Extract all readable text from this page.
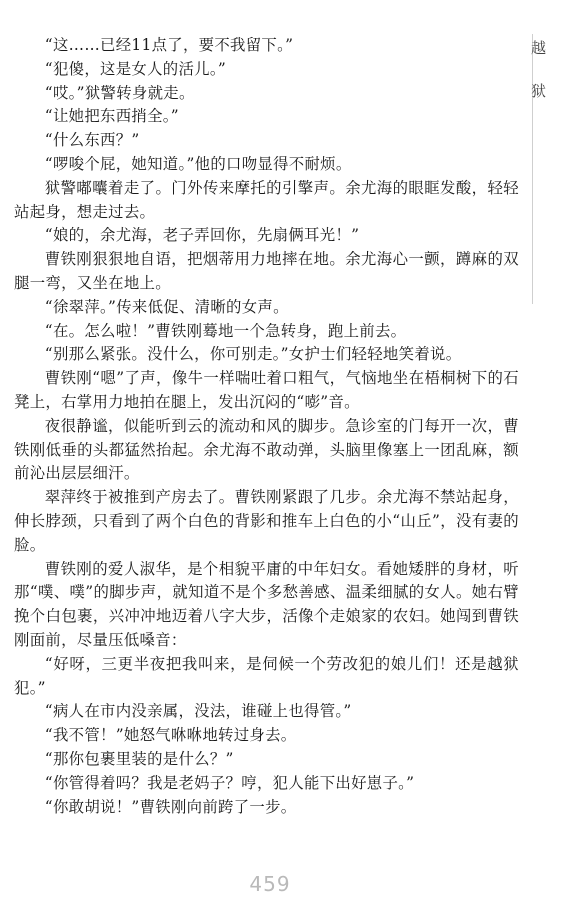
越狱

“这……已经11点了，要不我留下。”

“犯傻，这是女人的活儿。”

“哎。”狱警转身就走。

“让她把东西捎全。”

“什么东西？”

“啰唆个屁，她知道。”他的口吻显得不耐烦。

狱警嘟囔着走了。门外传来摩托的引擎声。余尤海的眼眶发酸，轻轻站起身，想走过去。

“娘的，余尤海，老子弄回你，先扇俩耳光！”

曹铁刚狠狠地自语，把烟蒂用力地摔在地。余尤海心一颤，蹲麻的双腿一弯，又坐在地上。

“徐翠萍。”传来低促、清晰的女声。

“在。怎么啦！”曹铁刚蓦地一个急转身，跑上前去。

“别那么紧张。没什么，你可别走。”女护士们轻轻地笑着说。

曹铁刚“嗯”了声，像牛一样喘吐着口粗气，气恼地坐在梧桐树下的石凳上，右掌用力地拍在腿上，发出沉闷的“嘭”音。

夜很静谧，似能听到云的流动和风的脚步。急诊室的门每开一次，曹铁刚低垂的头都猛然抬起。余尤海不敢动弹，头脑里像塞上一团乱麻，额前沁出层层细汗。

翠萍终于被推到产房去了。曹铁刚紧跟了几步。余尤海不禁站起身，伸长脖颈，只看到了两个白色的背影和推车上白色的小“山丘”，没有妻的脸。

曹铁刚的爱人淑华，是个相貌平庸的中年妇女。看她矮胖的身材，听那“噗、噗”的脚步声，就知道不是个多愁善感、温柔细腻的女人。她右臂挽个白包裹，兴冲冲地迈着八字大步，活像个走娘家的农妇。她闯到曹铁刚面前，尽量压低嗓音：

“好呀，三更半夜把我叫来，是伺候一个劳改犯的娘儿们！还是越狱犯。”

“病人在市内没亲属，没法，谁碰上也得管。”

“我不管！”她怒气咻咻地转过身去。

“那你包裹里装的是什么？”

“你管得着吗？我是老妈子？哼，犯人能下出好崽子。”

“你敢胡说！”曹铁刚向前跨了一步。

459
